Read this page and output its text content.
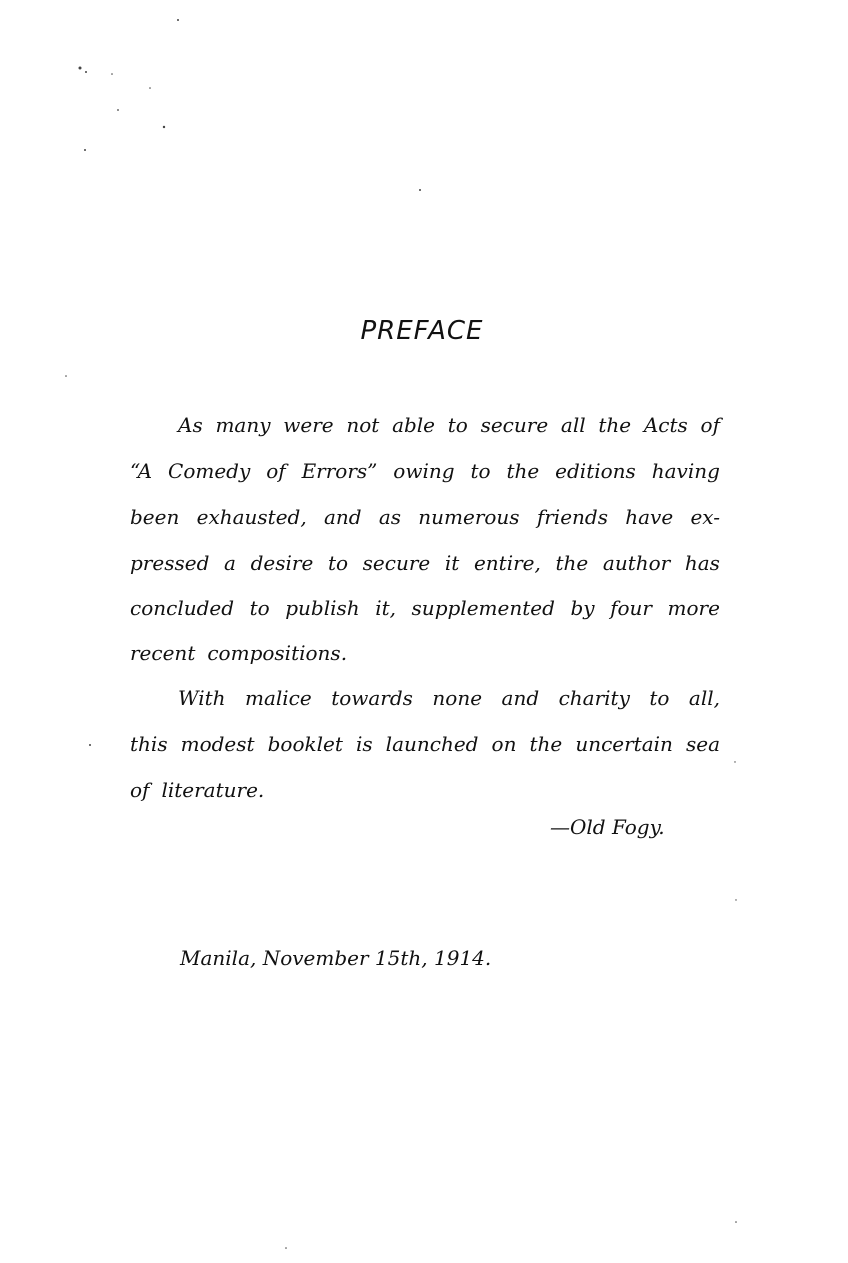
PREFACE
As many were not able to secure all the Acts of
“A Comedy of Errors” owing to the editions having
been exhausted, and as numerous friends have ex-
pressed a desire to secure it entire, the author has
concluded to publish it, supplemented by four more
recent compositions.
With malice towards none and charity to all,
this modest booklet is launched on the uncertain sea
of literature.
—Old Fogy.
Manila, November 15th, 1914.
